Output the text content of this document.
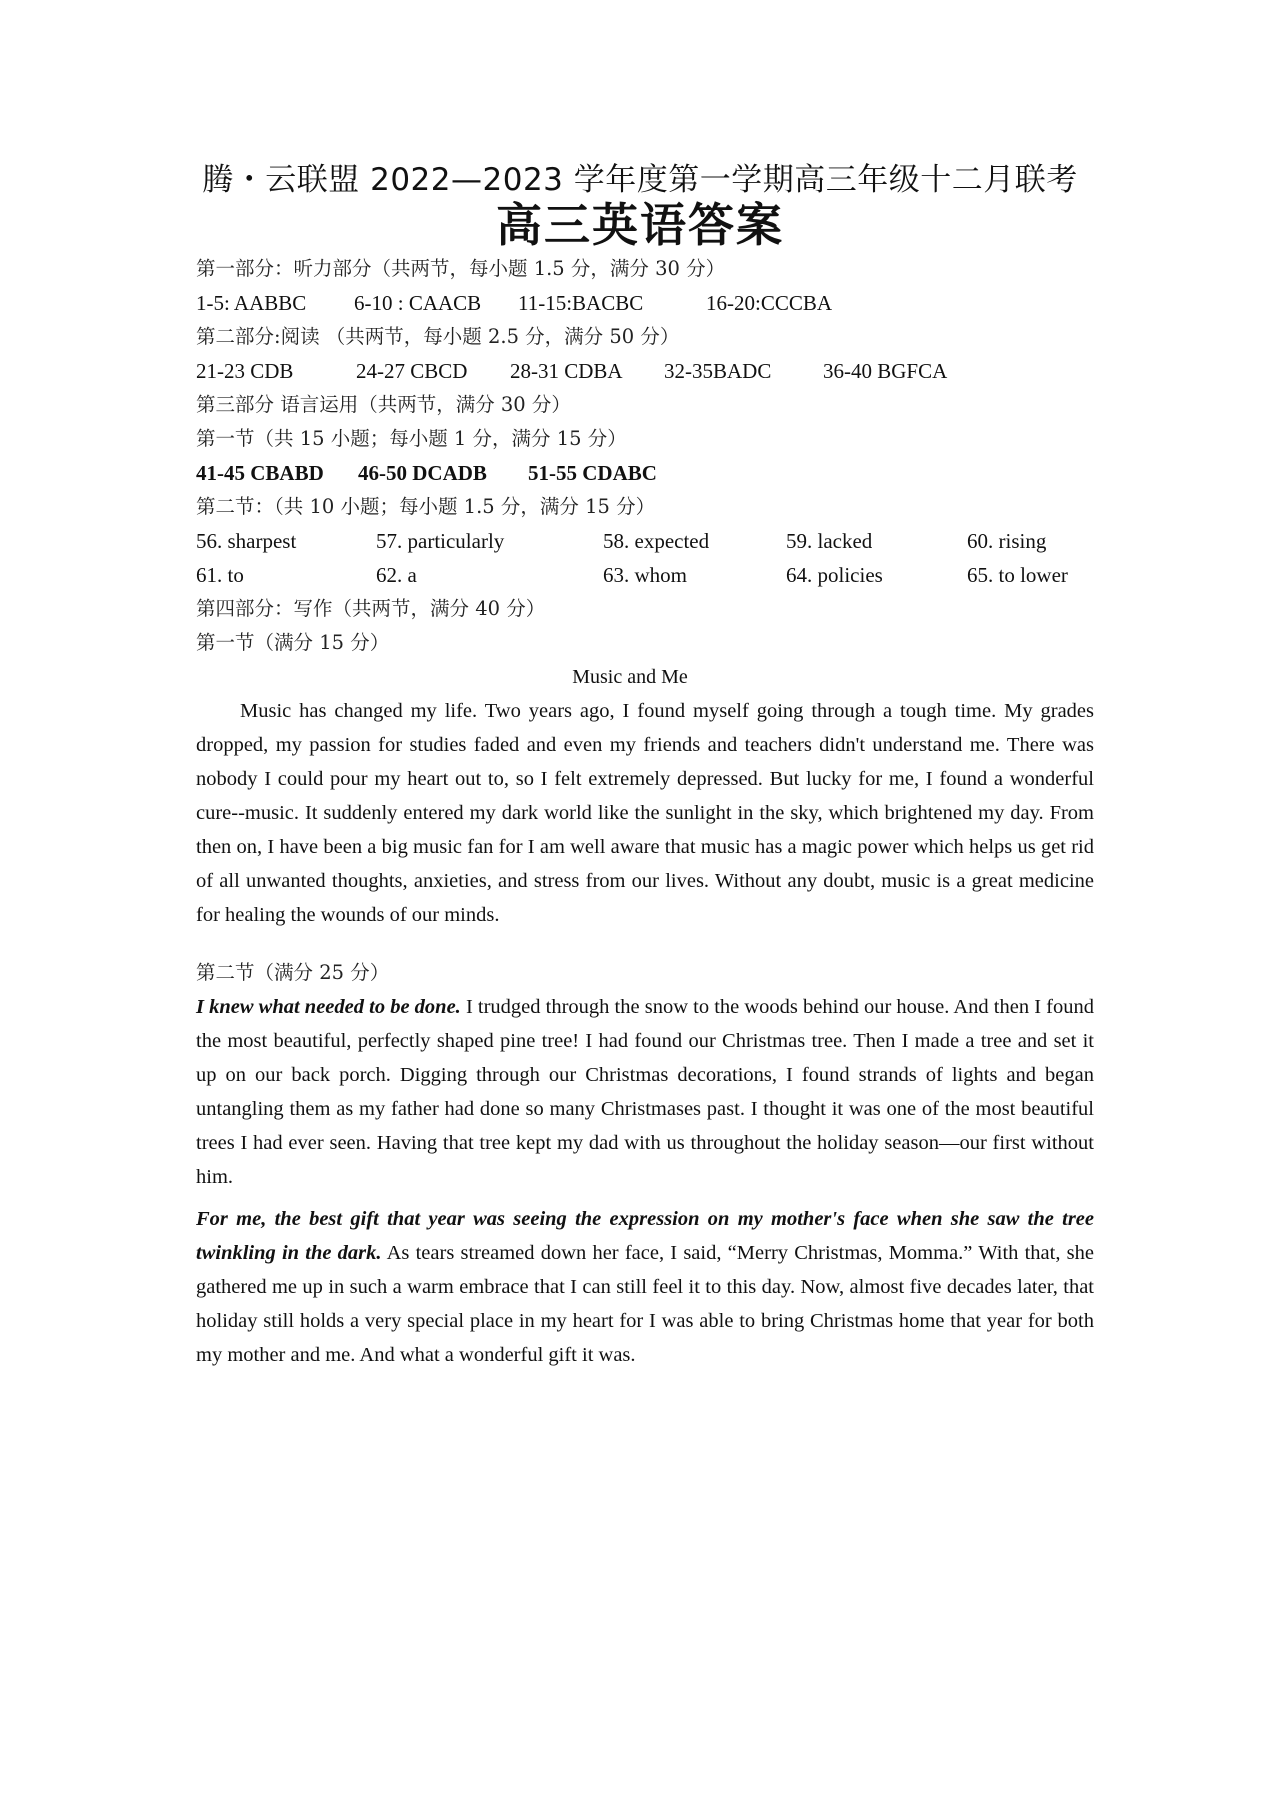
腾・云联盟 2022—2023 学年度第一学期高三年级十二月联考
高三英语答案
第一部分：听力部分（共两节，每小题 1.5 分，满分 30 分）
1-5: AABBC	6-10 : CAACB	11-15:BACBC	16-20:CCCBA
第二部分:阅读 （共两节，每小题 2.5 分，满分 50 分）
21-23 CDB	24-27 CBCD	28-31 CDBA	32-35BADC	36-40 BGFCA
第三部分 语言运用（共两节，满分 30 分）
第一节（共 15 小题；每小题 1 分，满分 15 分）
41-45 CBABD	46-50 DCADB	51-55 CDABC
第二节：（共 10 小题；每小题 1.5 分，满分 15 分）
56. sharpest	57. particularly	58. expected	59. lacked	60. rising
61. to	62. a	63. whom	64. policies	65. to lower
第四部分：写作（共两节，满分 40 分）
第一节（满分 15 分）
Music and Me

Music has changed my life. Two years ago, I found myself going through a tough time. My grades dropped, my passion for studies faded and even my friends and teachers didn't understand me. There was nobody I could pour my heart out to, so I felt extremely depressed. But lucky for me, I found a wonderful cure--music. It suddenly entered my dark world like the sunlight in the sky, which brightened my day. From then on, I have been a big music fan for I am well aware that music has a magic power which helps us get rid of all unwanted thoughts, anxieties, and stress from our lives. Without any doubt, music is a great medicine for healing the wounds of our minds.

第二节（满分 25 分）

I knew what needed to be done. I trudged through the snow to the woods behind our house. And then I found the most beautiful, perfectly shaped pine tree! I had found our Christmas tree. Then I made a tree and set it up on our back porch. Digging through our Christmas decorations, I found strands of lights and began untangling them as my father had done so many Christmases past. I thought it was one of the most beautiful trees I had ever seen. Having that tree kept my dad with us throughout the holiday season—our first without him.

For me, the best gift that year was seeing the expression on my mother's face when she saw the tree twinkling in the dark. As tears streamed down her face, I said, “Merry Christmas, Momma.” With that, she gathered me up in such a warm embrace that I can still feel it to this day. Now, almost five decades later, that holiday still holds a very special place in my heart for I was able to bring Christmas home that year for both my mother and me. And what a wonderful gift it was.
